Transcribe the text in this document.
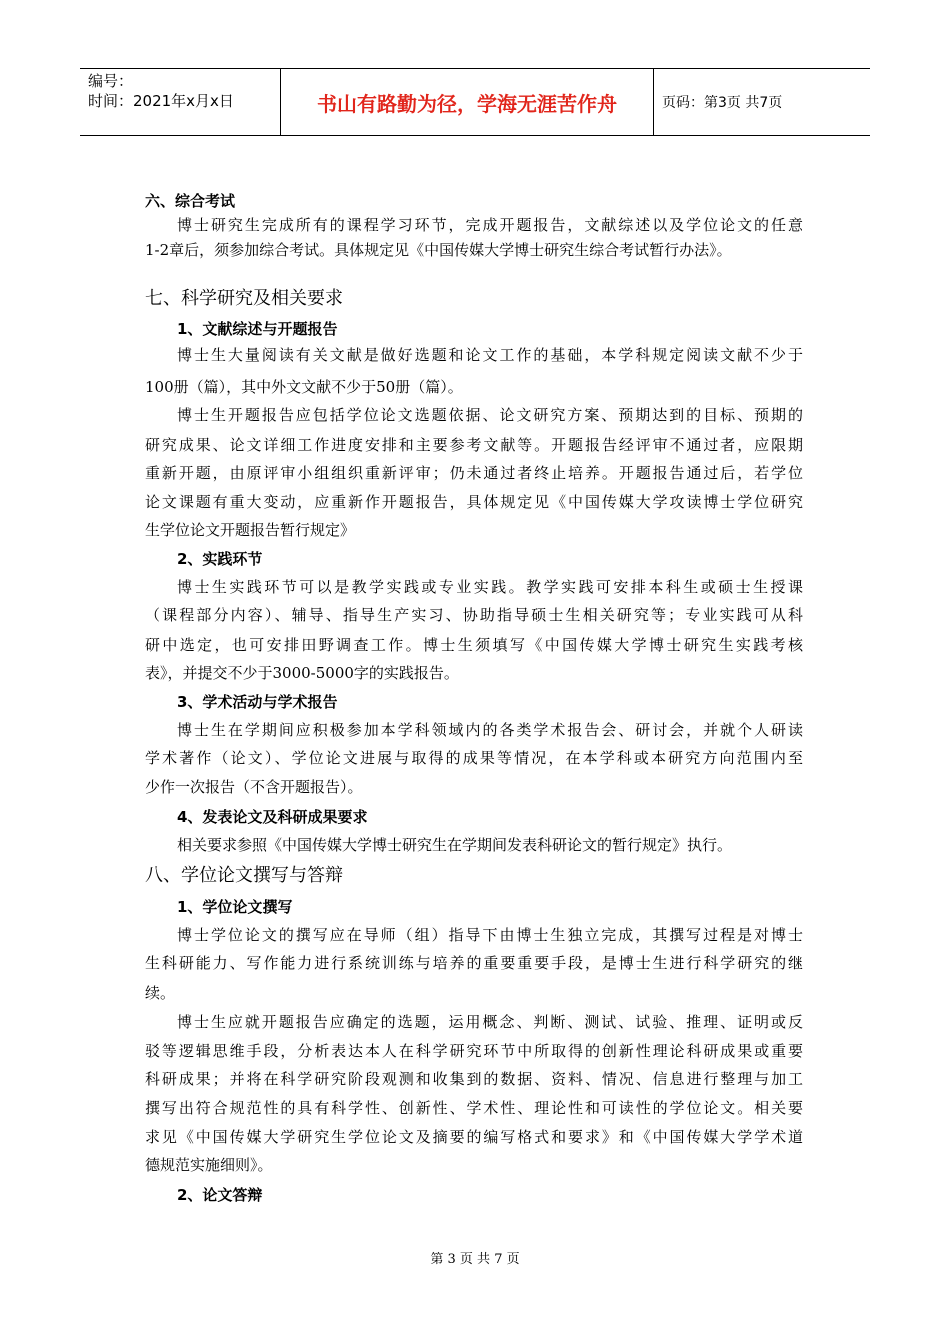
编号：
时间：2021年x月x日	书山有路勤为径，学海无涯苦作舟	页码：第3页 共7页
六、综合考试
博士研究生完成所有的课程学习环节，完成开题报告，文献综述以及学位论文的任意
1-2章后，须参加综合考试。具体规定见《中国传媒大学博士研究生综合考试暂行办法》。
七、科学研究及相关要求
1、文献综述与开题报告
博士生大量阅读有关文献是做好选题和论文工作的基础，本学科规定阅读文献不少于
100册（篇），其中外文文献不少于50册（篇）。
博士生开题报告应包括学位论文选题依据、论文研究方案、预期达到的目标、预期的
研究成果、论文详细工作进度安排和主要参考文献等。开题报告经评审不通过者，应限期
重新开题，由原评审小组组织重新评审；仍未通过者终止培养。开题报告通过后，若学位
论文课题有重大变动，应重新作开题报告，具体规定见《中国传媒大学攻读博士学位研究
生学位论文开题报告暂行规定》
2、实践环节
博士生实践环节可以是教学实践或专业实践。教学实践可安排本科生或硕士生授课
（课程部分内容）、辅导、指导生产实习、协助指导硕士生相关研究等；专业实践可从科
研中选定，也可安排田野调查工作。博士生须填写《中国传媒大学博士研究生实践考核
表》，并提交不少于3000-5000字的实践报告。
3、学术活动与学术报告
博士生在学期间应积极参加本学科领域内的各类学术报告会、研讨会，并就个人研读
学术著作（论文）、学位论文进展与取得的成果等情况，在本学科或本研究方向范围内至
少作一次报告（不含开题报告）。
4、发表论文及科研成果要求
相关要求参照《中国传媒大学博士研究生在学期间发表科研论文的暂行规定》执行。
八、学位论文撰写与答辩
1、学位论文撰写
博士学位论文的撰写应在导师（组）指导下由博士生独立完成，其撰写过程是对博士
生科研能力、写作能力进行系统训练与培养的重要重要手段，是博士生进行科学研究的继
续。
博士生应就开题报告应确定的选题，运用概念、判断、测试、试验、推理、证明或反
驳等逻辑思维手段，分析表达本人在科学研究环节中所取得的创新性理论科研成果或重要
科研成果；并将在科学研究阶段观测和收集到的数据、资料、情况、信息进行整理与加工
撰写出符合规范性的具有科学性、创新性、学术性、理论性和可读性的学位论文。相关要
求见《中国传媒大学研究生学位论文及摘要的编写格式和要求》和《中国传媒大学学术道
德规范实施细则》。
2、论文答辩
第 3 页 共 7 页
